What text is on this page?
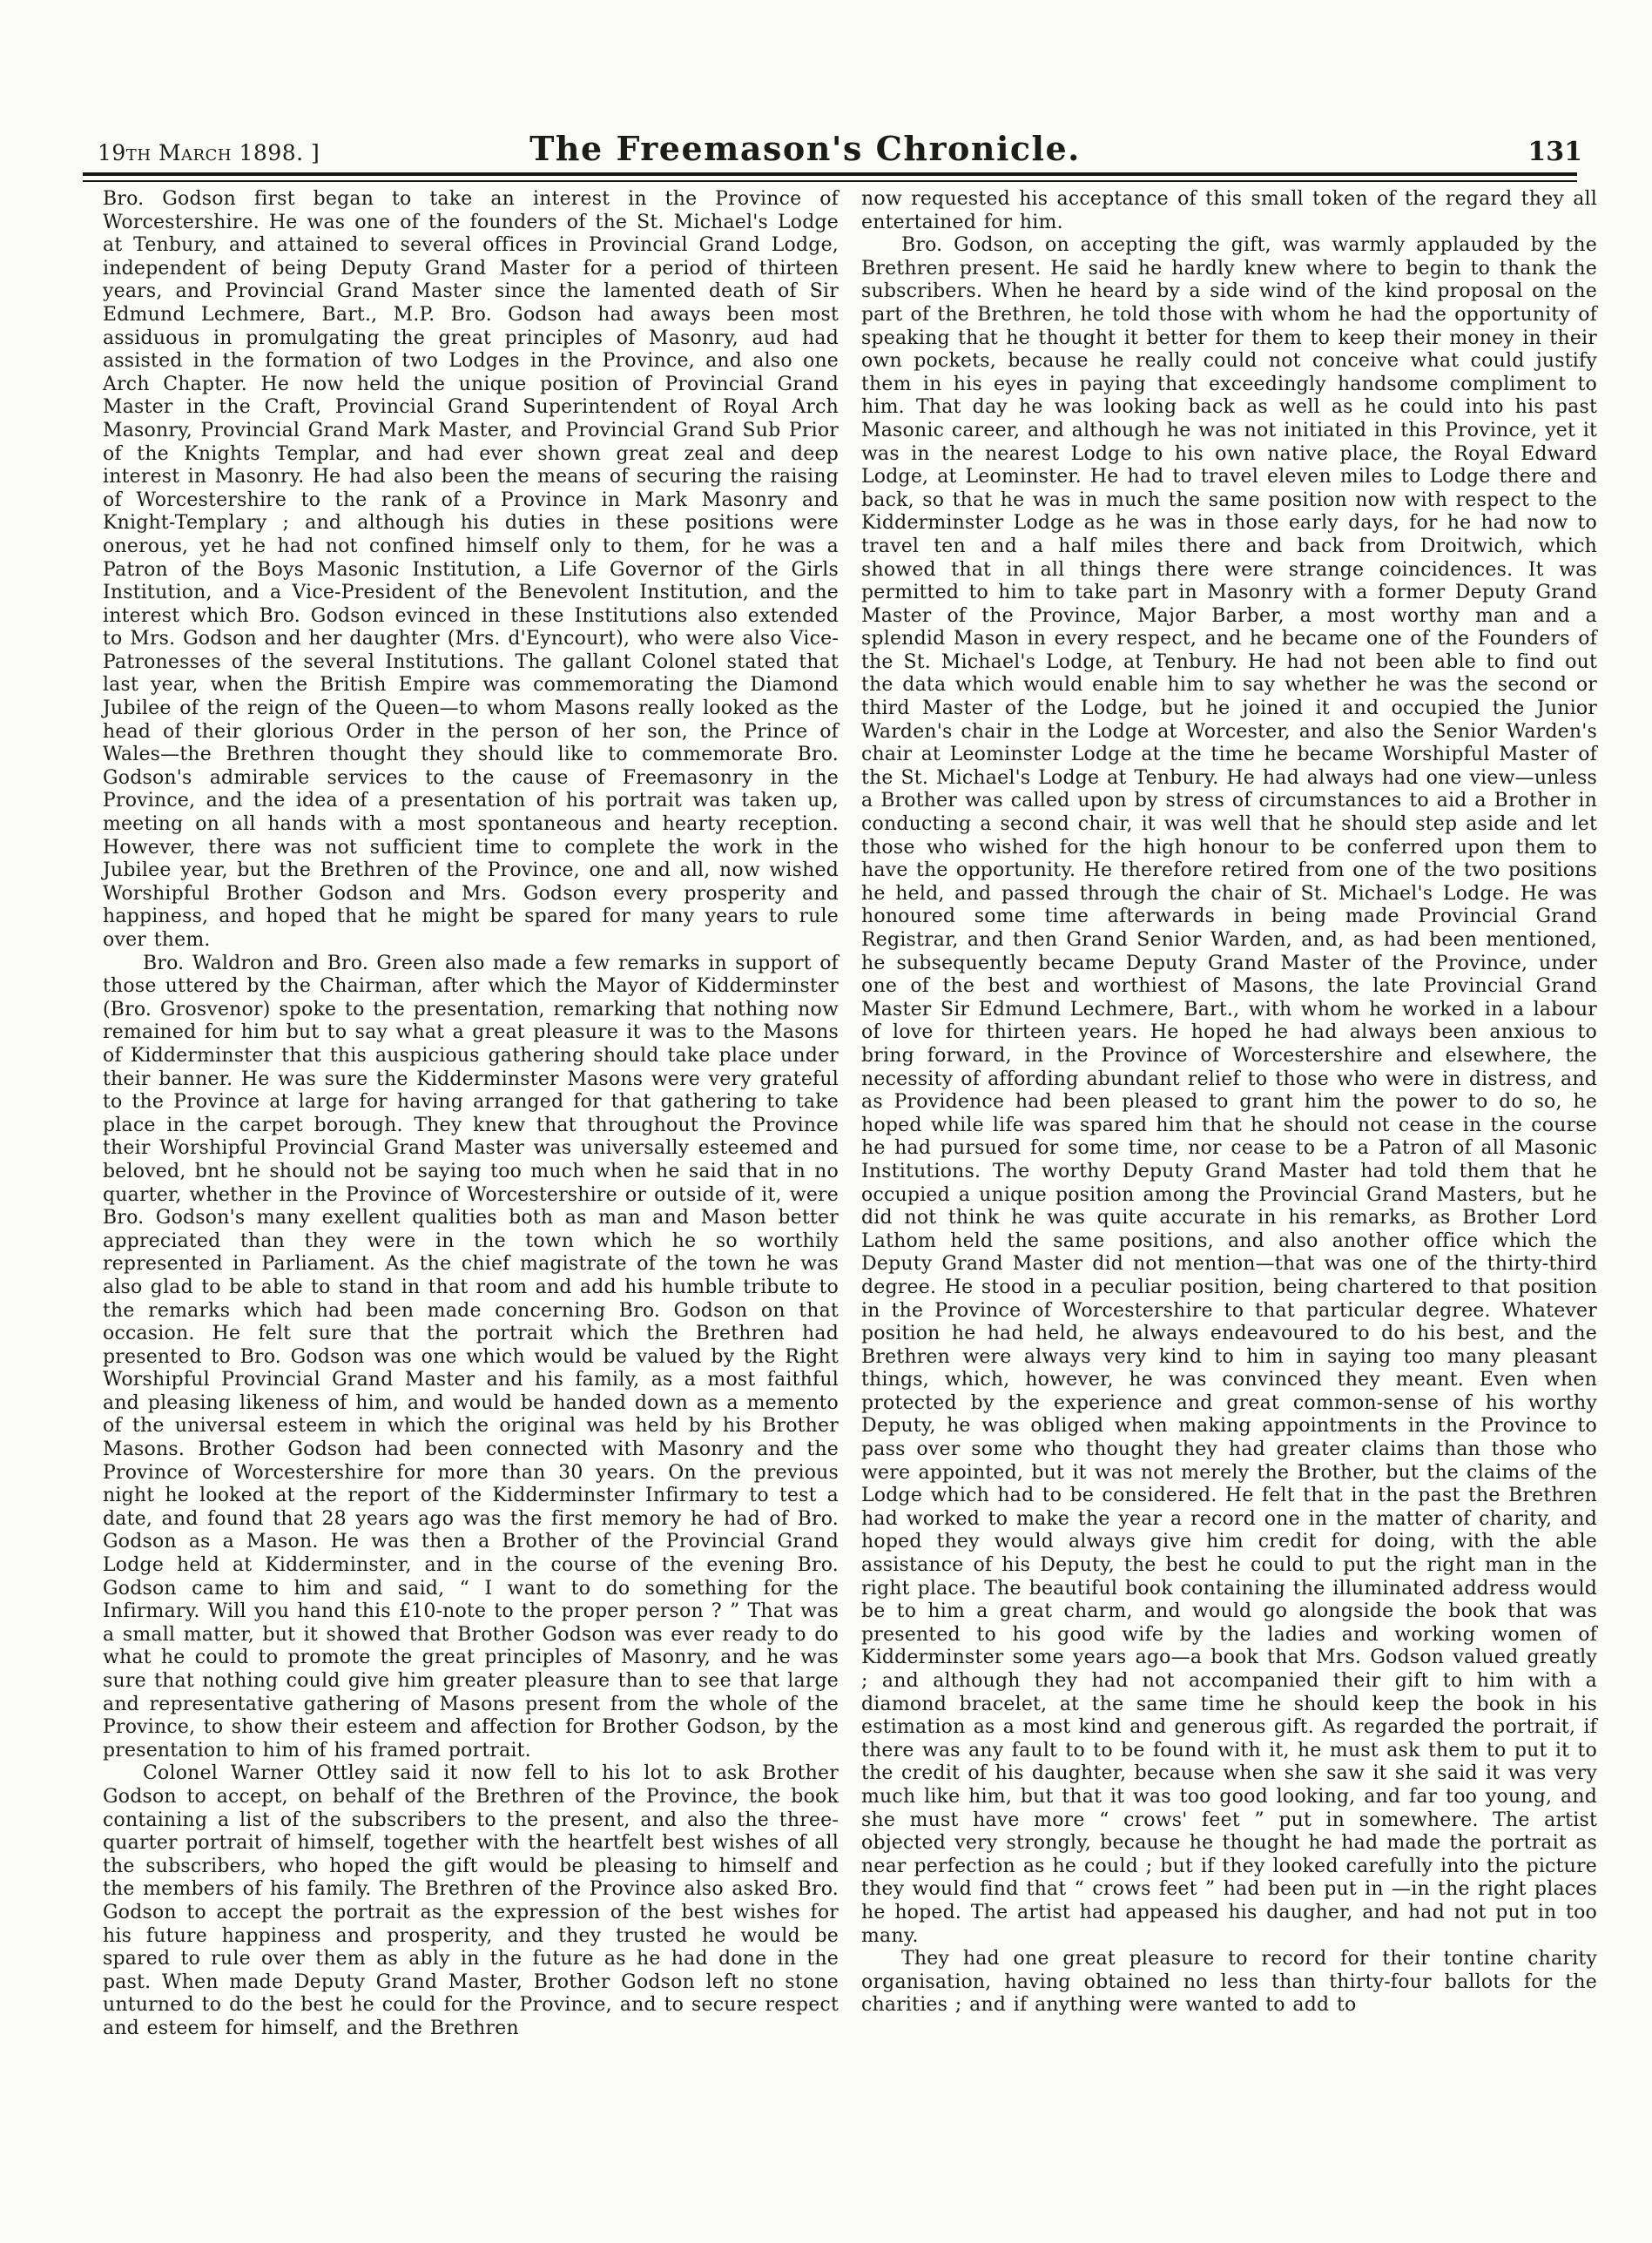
19th March 1898. ]	The Freemason's Chronicle.	131

Bro. Godson first began to take an interest in the Province of Worcestershire. He was one of the founders of the St. Michael's Lodge at Tenbury, and attained to several offices in Provincial Grand Lodge, independent of being Deputy Grand Master for a period of thirteen years, and Provincial Grand Master since the lamented death of Sir Edmund Lechmere, Bart., M.P. Bro. Godson had aways been most assiduous in promulgating the great principles of Masonry, aud had assisted in the formation of two Lodges in the Province, and also one Arch Chapter. He now held the unique position of Provincial Grand Master in the Craft, Provincial Grand Superintendent of Royal Arch Masonry, Provincial Grand Mark Master, and Provincial Grand Sub Prior of the Knights Templar, and had ever shown great zeal and deep interest in Masonry. He had also been the means of securing the raising of Worcestershire to the rank of a Province in Mark Masonry and Knight-Templary ; and although his duties in these positions were onerous, yet he had not confined himself only to them, for he was a Patron of the Boys Masonic Institution, a Life Governor of the Girls Institution, and a Vice-President of the Benevolent Institution, and the interest which Bro. Godson evinced in these Institutions also extended to Mrs. Godson and her daughter (Mrs. d'Eyncourt), who were also Vice-Patronesses of the several Institutions. The gallant Colonel stated that last year, when the British Empire was commemorating the Diamond Jubilee of the reign of the Queen—to whom Masons really looked as the head of their glorious Order in the person of her son, the Prince of Wales—the Brethren thought they should like to commemorate Bro. Godson's admirable services to the cause of Freemasonry in the Province, and the idea of a presentation of his portrait was taken up, meeting on all hands with a most spontaneous and hearty reception. However, there was not sufficient time to complete the work in the Jubilee year, but the Brethren of the Province, one and all, now wished Worshipful Brother Godson and Mrs. Godson every prosperity and happiness, and hoped that he might be spared for many years to rule over them.

Bro. Waldron and Bro. Green also made a few remarks in support of those uttered by the Chairman, after which the Mayor of Kidderminster (Bro. Grosvenor) spoke to the presentation, remarking that nothing now remained for him but to say what a great pleasure it was to the Masons of Kidderminster that this auspicious gathering should take place under their banner. He was sure the Kidderminster Masons were very grateful to the Province at large for having arranged for that gathering to take place in the carpet borough. They knew that throughout the Province their Worshipful Provincial Grand Master was universally esteemed and beloved, bnt he should not be saying too much when he said that in no quarter, whether in the Province of Worcestershire or outside of it, were Bro. Godson's many exellent qualities both as man and Mason better appreciated than they were in the town which he so worthily represented in Parliament. As the chief magistrate of the town he was also glad to be able to stand in that room and add his humble tribute to the remarks which had been made concerning Bro. Godson on that occasion. He felt sure that the portrait which the Brethren had presented to Bro. Godson was one which would be valued by the Right Worshipful Provincial Grand Master and his family, as a most faithful and pleasing likeness of him, and would be handed down as a memento of the universal esteem in which the original was held by his Brother Masons. Brother Godson had been connected with Masonry and the Province of Worcestershire for more than 30 years. On the previous night he looked at the report of the Kidderminster Infirmary to test a date, and found that 28 years ago was the first memory he had of Bro. Godson as a Mason. He was then a Brother of the Provincial Grand Lodge held at Kidderminster, and in the course of the evening Bro. Godson came to him and said, “ I want to do something for the Infirmary. Will you hand this £10-note to the proper person ? ” That was a small matter, but it showed that Brother Godson was ever ready to do what he could to promote the great principles of Masonry, and he was sure that nothing could give him greater pleasure than to see that large and representative gathering of Masons present from the whole of the Province, to show their esteem and affection for Brother Godson, by the presentation to him of his framed portrait.

Colonel Warner Ottley said it now fell to his lot to ask Brother Godson to accept, on behalf of the Brethren of the Province, the book containing a list of the subscribers to the present, and also the three-quarter portrait of himself, together with the heartfelt best wishes of all the subscribers, who hoped the gift would be pleasing to himself and the members of his family. The Brethren of the Province also asked Bro. Godson to accept the portrait as the expression of the best wishes for his future happiness and prosperity, and they trusted he would be spared to rule over them as ably in the future as he had done in the past. When made Deputy Grand Master, Brother Godson left no stone unturned to do the best he could for the Province, and to secure respect and esteem for himself, and the Brethren

now requested his acceptance of this small token of the regard they all entertained for him.

Bro. Godson, on accepting the gift, was warmly applauded by the Brethren present. He said he hardly knew where to begin to thank the subscribers. When he heard by a side wind of the kind proposal on the part of the Brethren, he told those with whom he had the opportunity of speaking that he thought it better for them to keep their money in their own pockets, because he really could not conceive what could justify them in his eyes in paying that exceedingly handsome compliment to him. That day he was looking back as well as he could into his past Masonic career, and although he was not initiated in this Province, yet it was in the nearest Lodge to his own native place, the Royal Edward Lodge, at Leominster. He had to travel eleven miles to Lodge there and back, so that he was in much the same position now with respect to the Kidderminster Lodge as he was in those early days, for he had now to travel ten and a half miles there and back from Droitwich, which showed that in all things there were strange coincidences. It was permitted to him to take part in Masonry with a former Deputy Grand Master of the Province, Major Barber, a most worthy man and a splendid Mason in every respect, and he became one of the Founders of the St. Michael's Lodge, at Tenbury. He had not been able to find out the data which would enable him to say whether he was the second or third Master of the Lodge, but he joined it and occupied the Junior Warden's chair in the Lodge at Worcester, and also the Senior Warden's chair at Leominster Lodge at the time he became Worshipful Master of the St. Michael's Lodge at Tenbury. He had always had one view—unless a Brother was called upon by stress of circumstances to aid a Brother in conducting a second chair, it was well that he should step aside and let those who wished for the high honour to be conferred upon them to have the opportunity. He therefore retired from one of the two positions he held, and passed through the chair of St. Michael's Lodge. He was honoured some time afterwards in being made Provincial Grand Registrar, and then Grand Senior Warden, and, as had been mentioned, he subsequently became Deputy Grand Master of the Province, under one of the best and worthiest of Masons, the late Provincial Grand Master Sir Edmund Lechmere, Bart., with whom he worked in a labour of love for thirteen years. He hoped he had always been anxious to bring forward, in the Province of Worcestershire and elsewhere, the necessity of affording abundant relief to those who were in distress, and as Providence had been pleased to grant him the power to do so, he hoped while life was spared him that he should not cease in the course he had pursued for some time, nor cease to be a Patron of all Masonic Institutions. The worthy Deputy Grand Master had told them that he occupied a unique position among the Provincial Grand Masters, but he did not think he was quite accurate in his remarks, as Brother Lord Lathom held the same positions, and also another office which the Deputy Grand Master did not mention—that was one of the thirty-third degree. He stood in a peculiar position, being chartered to that position in the Province of Worcestershire to that particular degree. Whatever position he had held, he always endeavoured to do his best, and the Brethren were always very kind to him in saying too many pleasant things, which, however, he was convinced they meant. Even when protected by the experience and great common-sense of his worthy Deputy, he was obliged when making appointments in the Province to pass over some who thought they had greater claims than those who were appointed, but it was not merely the Brother, but the claims of the Lodge which had to be considered. He felt that in the past the Brethren had worked to make the year a record one in the matter of charity, and hoped they would always give him credit for doing, with the able assistance of his Deputy, the best he could to put the right man in the right place. The beautiful book containing the illuminated address would be to him a great charm, and would go alongside the book that was presented to his good wife by the ladies and working women of Kidderminster some years ago—a book that Mrs. Godson valued greatly ; and although they had not accompanied their gift to him with a diamond bracelet, at the same time he should keep the book in his estimation as a most kind and generous gift. As regarded the portrait, if there was any fault to to be found with it, he must ask them to put it to the credit of his daughter, because when she saw it she said it was very much like him, but that it was too good looking, and far too young, and she must have more “ crows' feet ” put in somewhere. The artist objected very strongly, because he thought he had made the portrait as near perfection as he could ; but if they looked carefully into the picture they would find that “ crows feet ” had been put in —in the right places he hoped. The artist had appeased his daugher, and had not put in too many.

They had one great pleasure to record for their tontine charity organisation, having obtained no less than thirty-four ballots for the charities ; and if anything were wanted to add to
